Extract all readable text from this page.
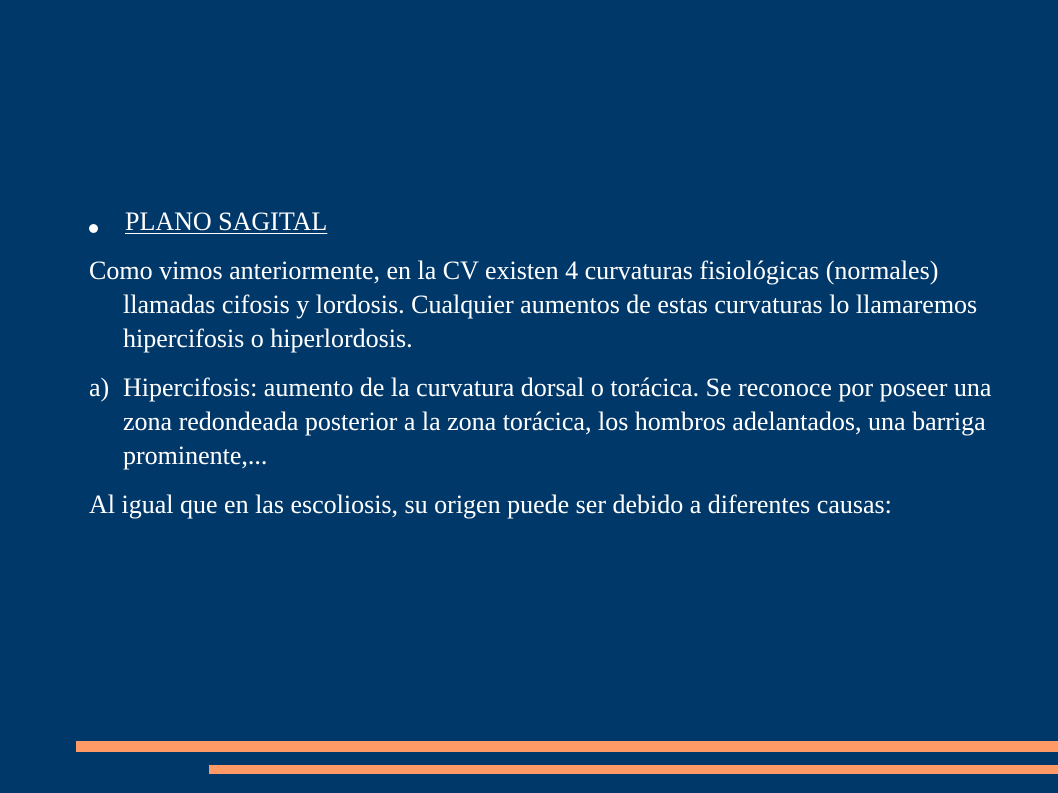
PLANO SAGITAL

Como vimos anteriormente, en la CV existen 4 curvaturas fisiológicas (normales) llamadas cifosis y lordosis. Cualquier aumentos de estas curvaturas lo llamaremos hipercifosis o hiperlordosis.

a) Hipercifosis: aumento de la curvatura dorsal o torácica. Se reconoce por poseer una zona redondeada posterior a la zona torácica, los hombros adelantados, una barriga prominente,...

Al igual que en las escoliosis, su origen puede ser debido a diferentes causas:
